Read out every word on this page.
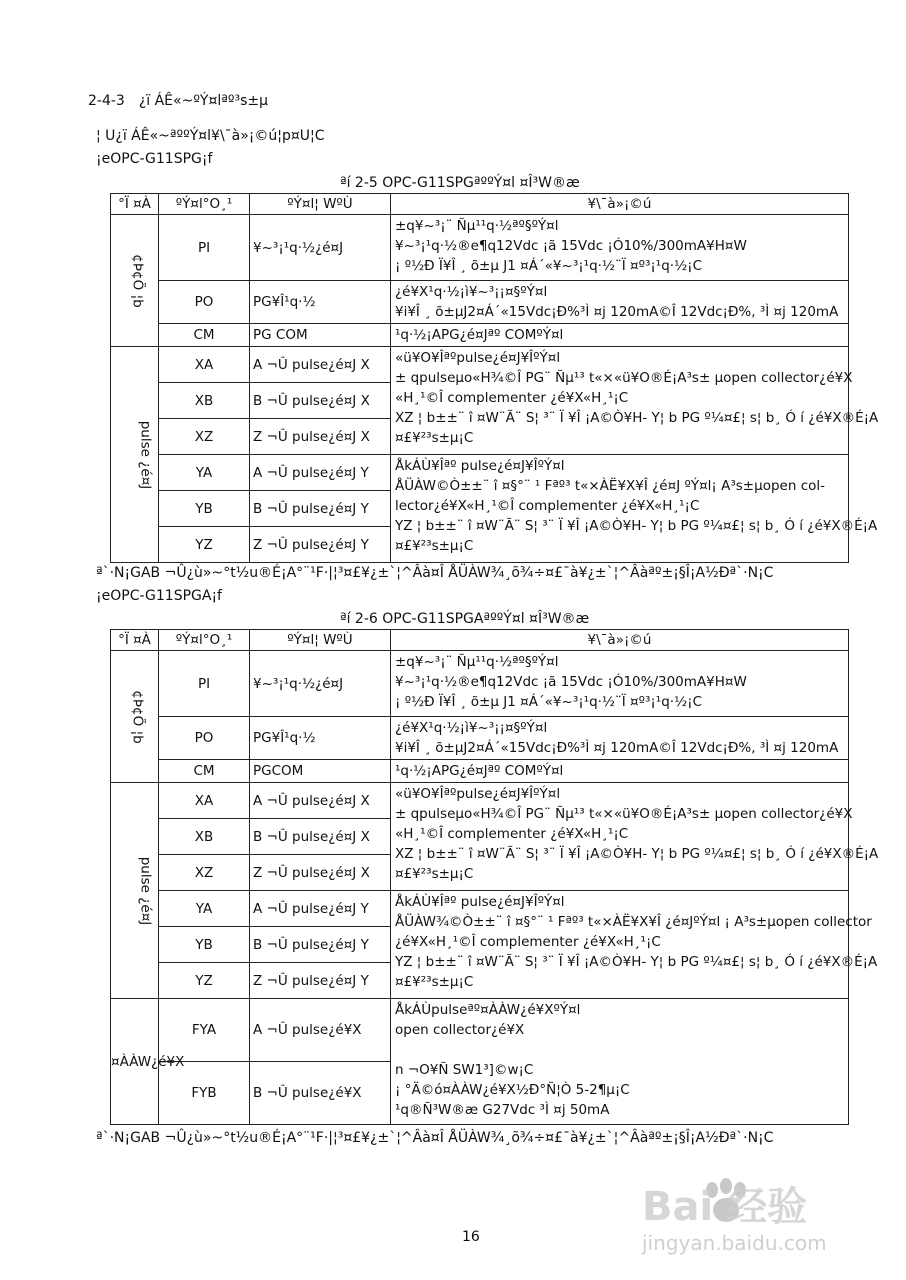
2-4-3　¿ï ÁÊ«~ºÝ¤lªº³s±µ
¦ U¿ï ÁÊ«~ªººÝ¤l¥\¯à»¡©ú¦p¤U¦C
¡eOPC-G11SPG¡f
ªí 2-5 OPC-G11SPGªººÝ¤l ¤Î³W®æ
°Ï ¤À	ºÝ¤l°O¸¹	ºÝ¤l¦ WºÙ	¥\¯à»¡©ú
¢Þ¢Õ ¦b	PI	¥~³¡¹q·½¿é¤J	±q¥~³¡¨ Ñµ¹¹q·½ªº§ºÝ¤l
¥~³¡¹q·½®e¶q12Vdc ¡ã 15Vdc ¡Ó10%/300mA¥H¤W
¡ º½Ð Ï¥Î ¸ õ±µ J1 ¤Á´«¥~³¡¹q·½¨Ï ¤º³¡¹q·½¡C

	PO	PG¥Î¹q·½	¿é¥X¹q·½¡ì¥~³¡¡¤§ºÝ¤l
¥i¥Î ¸ õ±µJ2¤Á´«15Vdc¡Ð%³Ì ¤j 120mA©Î 12Vdc¡Ð%, ³Ì ¤j 120mA

	CM	PG COM	¹q·½¡APG¿é¤Jªº COMºÝ¤l

pulse ¿é¤J	XA	A ¬Û pulse¿é¤J X	«ü¥O¥Îªºpulse¿é¤J¥ÎºÝ¤l
± qpulseµo«H¾©Î PG¨ Ñµ¹³ t«×«ü¥O®É¡A³s± µopen collector¿é¥X
«H¸¹©Î complementer ¿é¥X«H¸¹¡C
XZ ¦ b±±¨ î ¤W¨Ã¨ S¦ ³¨ Ï ¥Î ¡A©Ò¥H- Y¦ b PG º¼¤£¦ s¦ b¸ Ó í ¿é¥X®É¡A
¤£¥²³s±µ¡C

	XB	B ¬Û pulse¿é¤J X	
	XZ	Z ¬Û pulse¿é¤J X	
	YA	A ¬Û pulse¿é¤J Y	ÅkÁÙ¥Îªº pulse¿é¤J¥ÎºÝ¤l
ÅÜÀW©Ò±±¨ î ¤§°¨ ¹ Fªº³ t«×ÀË¥X¥Î ¿é¤J ºÝ¤l¡ A³s±µopen col-
lector¿é¥X«H¸¹©Î complementer ¿é¥X«H¸¹¡C
YZ ¦ b±±¨ î ¤W¨Ã¨ S¦ ³¨ Ï ¥Î ¡A©Ò¥H- Y¦ b PG º¼¤£¦ s¦ b¸ Ó í ¿é¥X®É¡A
¤£¥²³s±µ¡C

	YB	B ¬Û pulse¿é¤J Y	
	YZ	Z ¬Û pulse¿é¤J Y	
ª`·N¡GAB ¬Û¿ù»~°t½u®É¡A°¨¹F·|¦³¤£¥¿±`¦^Âà¤Î ÅÜÀW¾¸õ¾÷¤£¯à¥¿±`¦^Âàªº±¡§Î¡A½Ðª`·N¡C
¡eOPC-G11SPGA¡f
ªí 2-6 OPC-G11SPGAªººÝ¤l ¤Î³W®æ
°Ï ¤À	ºÝ¤l°O¸¹	ºÝ¤l¦ WºÙ	¥\¯à»¡©ú
¢Þ¢Õ ¦b	PI	¥~³¡¹q·½¿é¤J	±q¥~³¡¨ Ñµ¹¹q·½ªº§ºÝ¤l
¥~³¡¹q·½®e¶q12Vdc ¡ã 15Vdc ¡Ó10%/300mA¥H¤W
¡ º½Ð Ï¥Î ¸ õ±µ J1 ¤Á´«¥~³¡¹q·½¨Ï ¤º³¡¹q·½¡C

	PO	PG¥Î¹q·½	¿é¥X¹q·½¡ì¥~³¡¡¤§ºÝ¤l
¥i¥Î ¸ õ±µJ2¤Á´«15Vdc¡Ð%³Ì ¤j 120mA©Î 12Vdc¡Ð%, ³Ì ¤j 120mA

	CM	PGCOM	¹q·½¡APG¿é¤Jªº COMºÝ¤l

pulse ¿é¤J	XA	A ¬Û pulse¿é¤J X	«ü¥O¥Îªºpulse¿é¤J¥ÎºÝ¤l
± qpulseµo«H¾©Î PG¨ Ñµ¹³ t«×«ü¥O®É¡A³s± µopen collector¿é¥X
«H¸¹©Î complementer ¿é¥X«H¸¹¡C
XZ ¦ b±±¨ î ¤W¨Ã¨ S¦ ³¨ Ï ¥Î ¡A©Ò¥H- Y¦ b PG º¼¤£¦ s¦ b¸ Ó í ¿é¥X®É¡A
¤£¥²³s±µ¡C

	XB	B ¬Û pulse¿é¤J X	
	XZ	Z ¬Û pulse¿é¤J X	
	YA	A ¬Û pulse¿é¤J Y	ÅkÁÙ¥Îªº pulse¿é¤J¥ÎºÝ¤l
ÅÜÀW¾©Ò±±¨ î ¤§°¨ ¹ Fªº³ t«×ÀË¥X¥Î ¿é¤JºÝ¤l ¡ A³s±µopen collector
¿é¥X«H¸¹©Î complementer ¿é¥X«H¸¹¡C
YZ ¦ b±±¨ î ¤W¨Ã¨ S¦ ³¨ Ï ¥Î ¡A©Ò¥H- Y¦ b PG º¼¤£¦ s¦ b¸ Ó í ¿é¥X®É¡A
¤£¥²³s±µ¡C

	YB	B ¬Û pulse¿é¤J Y	
	YZ	Z ¬Û pulse¿é¤J Y	
¤ÀÀW¿é¥X	FYA	A ¬Û pulse¿é¥X	ÅkÁÙpulseªº¤ÀÀW¿é¥XºÝ¤l
open collector¿é¥X
n ¬O¥Ñ SW1³]©w¡C
¡ °Ä©ó¤ÀÀW¿é¥X½Ð°Ñ¦Ò 5-2¶µ¡C
¹q®Ñ³W®æ G27Vdc ³Ì ¤j 50mA

	FYB	B ¬Û pulse¿é¥X	
ª`·N¡GAB ¬Û¿ù»~°t½u®É¡A°¨¹F·|¦³¤£¥¿±`¦^Âà¤Î ÅÜÀW¾¸õ¾÷¤£¯à¥¿±`¦^Âàªº±¡§Î¡A½Ðª`·N¡C
16
Bai 经验
jingyan.baidu.com
